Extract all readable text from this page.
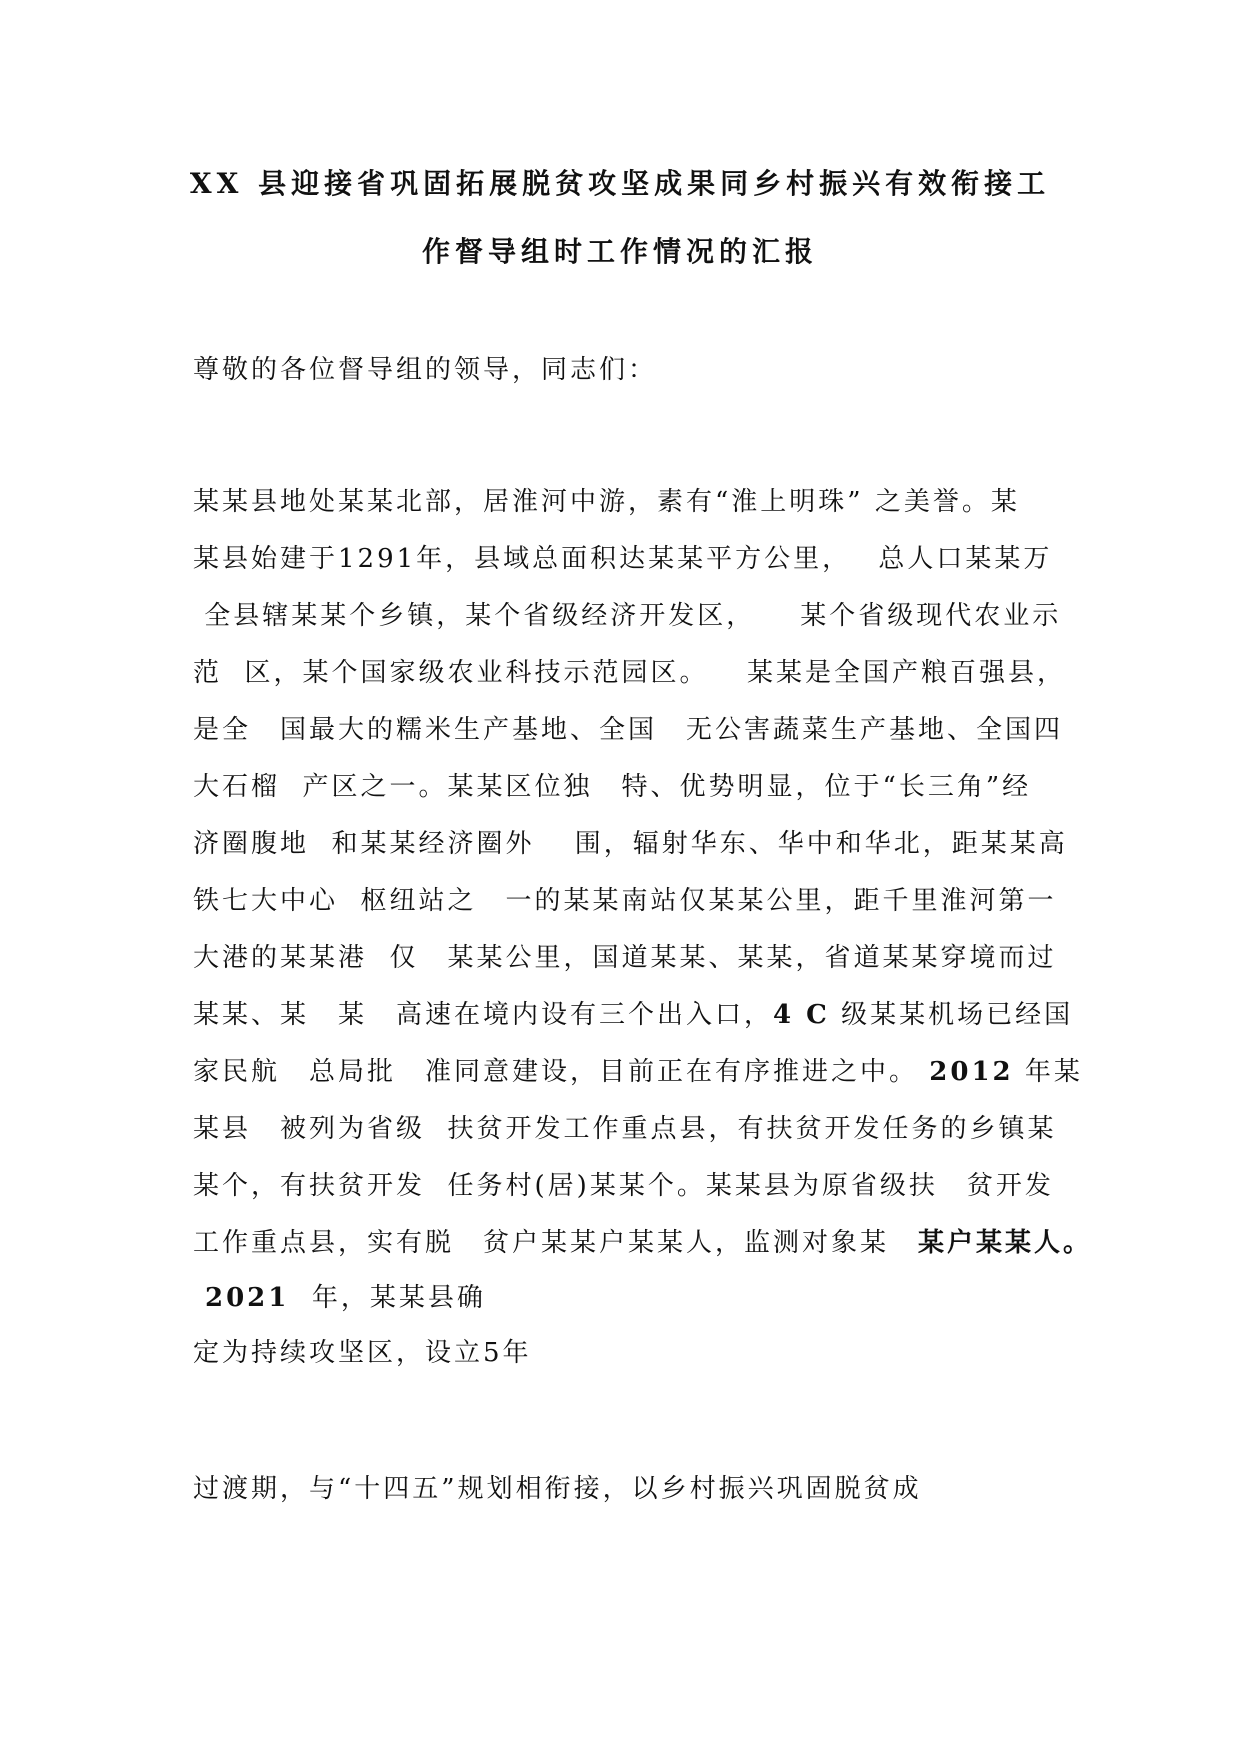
XX 县迎接省巩固拓展脱贫攻坚成果同乡村振兴有效衔接工
作督导组时工作情况的汇报
尊敬的各位督导组的领导，同志们：
某某县地处某某北部，居淮河中游，素有“淮上明珠” 之美誉。某
某县始建于1291年，县域总面积达某某平方公里，　 总人口某某万
全县辖某某个乡镇，某个省级经济开发区，　　某个省级现代农业示
范  区，某个国家级农业科技示范园区。　  某某是全国产粮百强县，
是全　国最大的糯米生产基地、全国　无公害蔬菜生产基地、全国四
大石榴  产区之一。某某区位独　特、优势明显，位于“长三角”经
济圈腹地  和某某经济圈外　 围，辐射华东、华中和华北，距某某高
铁七大中心  枢纽站之　一的某某南站仅某某公里，距千里淮河第一
大港的某某港  仅　某某公里，国道某某、某某，省道某某穿境而过
某某、某　某　高速在境内设有三个出入口，4 C 级某某机场已经国
家民航　总局批　准同意建设，目前正在有序推进之中。 2012 年某
某县　被列为省级  扶贫开发工作重点县，有扶贫开发任务的乡镇某
某个，有扶贫开发  任务村(居)某某个。某某县为原省级扶　贫开发
工作重点县，实有脱　贫户某某户某某人，监测对象某　 某户某某人。
2021 年，某某县确
定为持续攻坚区，设立5年
过渡期，与“十四五”规划相衔接，以乡村振兴巩固脱贫成
